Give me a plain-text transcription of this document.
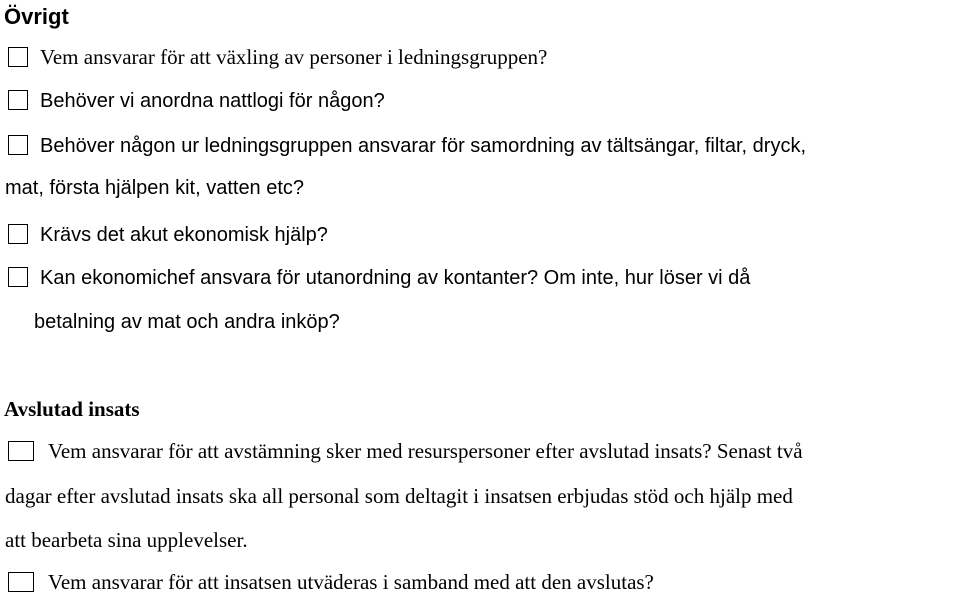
Övrigt
Vem ansvarar för att växling av personer i ledningsgruppen?
Behöver vi anordna nattlogi för någon?
Behöver någon ur ledningsgruppen ansvarar för samordning av tältsängar, filtar, dryck,
mat, första hjälpen kit, vatten etc?
Krävs det akut ekonomisk hjälp?
Kan ekonomichef ansvara för utanordning av kontanter? Om inte, hur löser vi då
betalning av mat och andra inköp?
Avslutad insats
Vem ansvarar för att avstämning sker med resurspersoner efter avslutad insats? Senast två
dagar efter avslutad insats ska all personal som deltagit i insatsen erbjudas stöd och hjälp med
att bearbeta sina upplevelser.
Vem ansvarar för att insatsen utväderas i samband med att den avslutas?
